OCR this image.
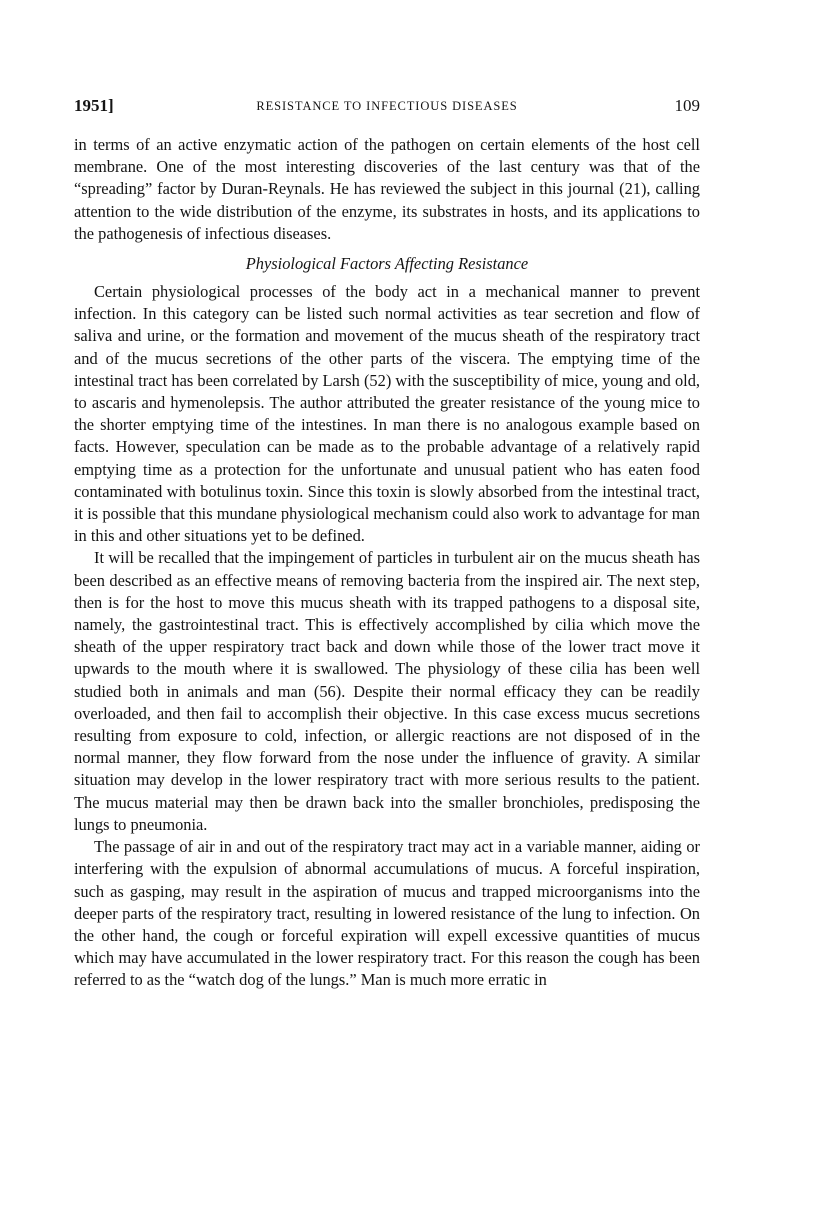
1951]	RESISTANCE TO INFECTIOUS DISEASES	109

in terms of an active enzymatic action of the pathogen on certain elements of the host cell membrane. One of the most interesting discoveries of the last century was that of the “spreading” factor by Duran-Reynals. He has reviewed the subject in this journal (21), calling attention to the wide distribution of the enzyme, its substrates in hosts, and its applications to the pathogenesis of infectious diseases.

Physiological Factors Affecting Resistance

Certain physiological processes of the body act in a mechanical manner to prevent infection. In this category can be listed such normal activities as tear secretion and flow of saliva and urine, or the formation and movement of the mucus sheath of the respiratory tract and of the mucus secretions of the other parts of the viscera. The emptying time of the intestinal tract has been correlated by Larsh (52) with the susceptibility of mice, young and old, to ascaris and hymenolepsis. The author attributed the greater resistance of the young mice to the shorter emptying time of the intestines. In man there is no analogous example based on facts. However, speculation can be made as to the probable advantage of a relatively rapid emptying time as a protection for the unfortunate and unusual patient who has eaten food contaminated with botulinus toxin. Since this toxin is slowly absorbed from the intestinal tract, it is possible that this mundane physiological mechanism could also work to advantage for man in this and other situations yet to be defined.

It will be recalled that the impingement of particles in turbulent air on the mucus sheath has been described as an effective means of removing bacteria from the inspired air. The next step, then is for the host to move this mucus sheath with its trapped pathogens to a disposal site, namely, the gastrointestinal tract. This is effectively accomplished by cilia which move the sheath of the upper respiratory tract back and down while those of the lower tract move it upwards to the mouth where it is swallowed. The physiology of these cilia has been well studied both in animals and man (56). Despite their normal efficacy they can be readily overloaded, and then fail to accomplish their objective. In this case excess mucus secretions resulting from exposure to cold, infection, or allergic reactions are not disposed of in the normal manner, they flow forward from the nose under the influence of gravity. A similar situation may develop in the lower respiratory tract with more serious results to the patient. The mucus material may then be drawn back into the smaller bronchioles, predisposing the lungs to pneumonia.

The passage of air in and out of the respiratory tract may act in a variable manner, aiding or interfering with the expulsion of abnormal accumulations of mucus. A forceful inspiration, such as gasping, may result in the aspiration of mucus and trapped microorganisms into the deeper parts of the respiratory tract, resulting in lowered resistance of the lung to infection. On the other hand, the cough or forceful expiration will expell excessive quantities of mucus which may have accumulated in the lower respiratory tract. For this reason the cough has been referred to as the “watch dog of the lungs.” Man is much more erratic in
